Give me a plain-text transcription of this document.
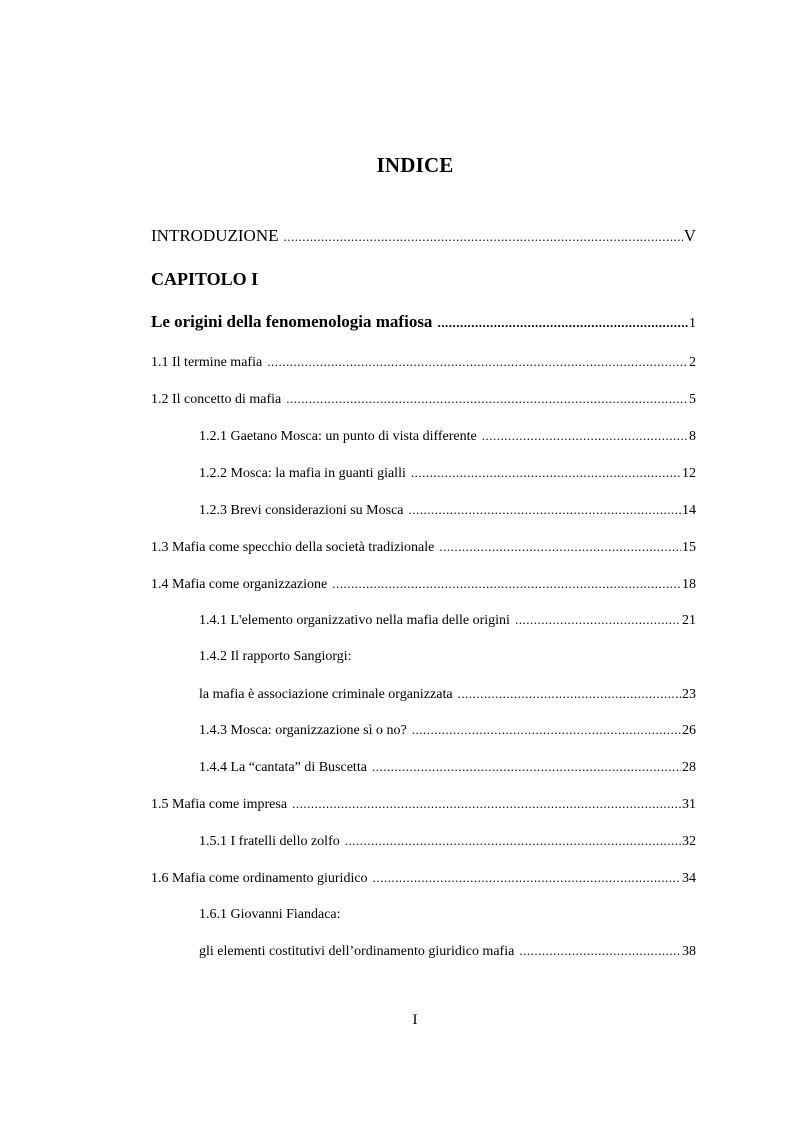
INDICE
INTRODUZIONE .....	V
CAPITOLO I
Le origini della fenomenologia mafiosa .....	1
1.1 Il termine mafia .....	2
1.2 Il concetto di mafia .....	5
1.2.1 Gaetano Mosca: un punto di vista differente .....	8
1.2.2 Mosca: la mafia in guanti gialli .....	12
1.2.3 Brevi considerazioni su Mosca .....	14
1.3 Mafia come specchio della società tradizionale .....	15
1.4 Mafia come organizzazione .....	18
1.4.1 L'elemento organizzativo nella mafia delle origini .....	21
1.4.2 Il rapporto Sangiorgi:
la mafia è associazione criminale organizzata .....	23
1.4.3 Mosca: organizzazione sì o no? .....	26
1.4.4 La “cantata” di Buscetta .....	28
1.5 Mafia come impresa .....	31
1.5.1 I fratelli dello zolfo .....	32
1.6 Mafia come ordinamento giuridico .....	34
1.6.1 Giovanni Fiandaca:
gli elementi costitutivi dell’ordinamento giuridico mafia .....	38
I
